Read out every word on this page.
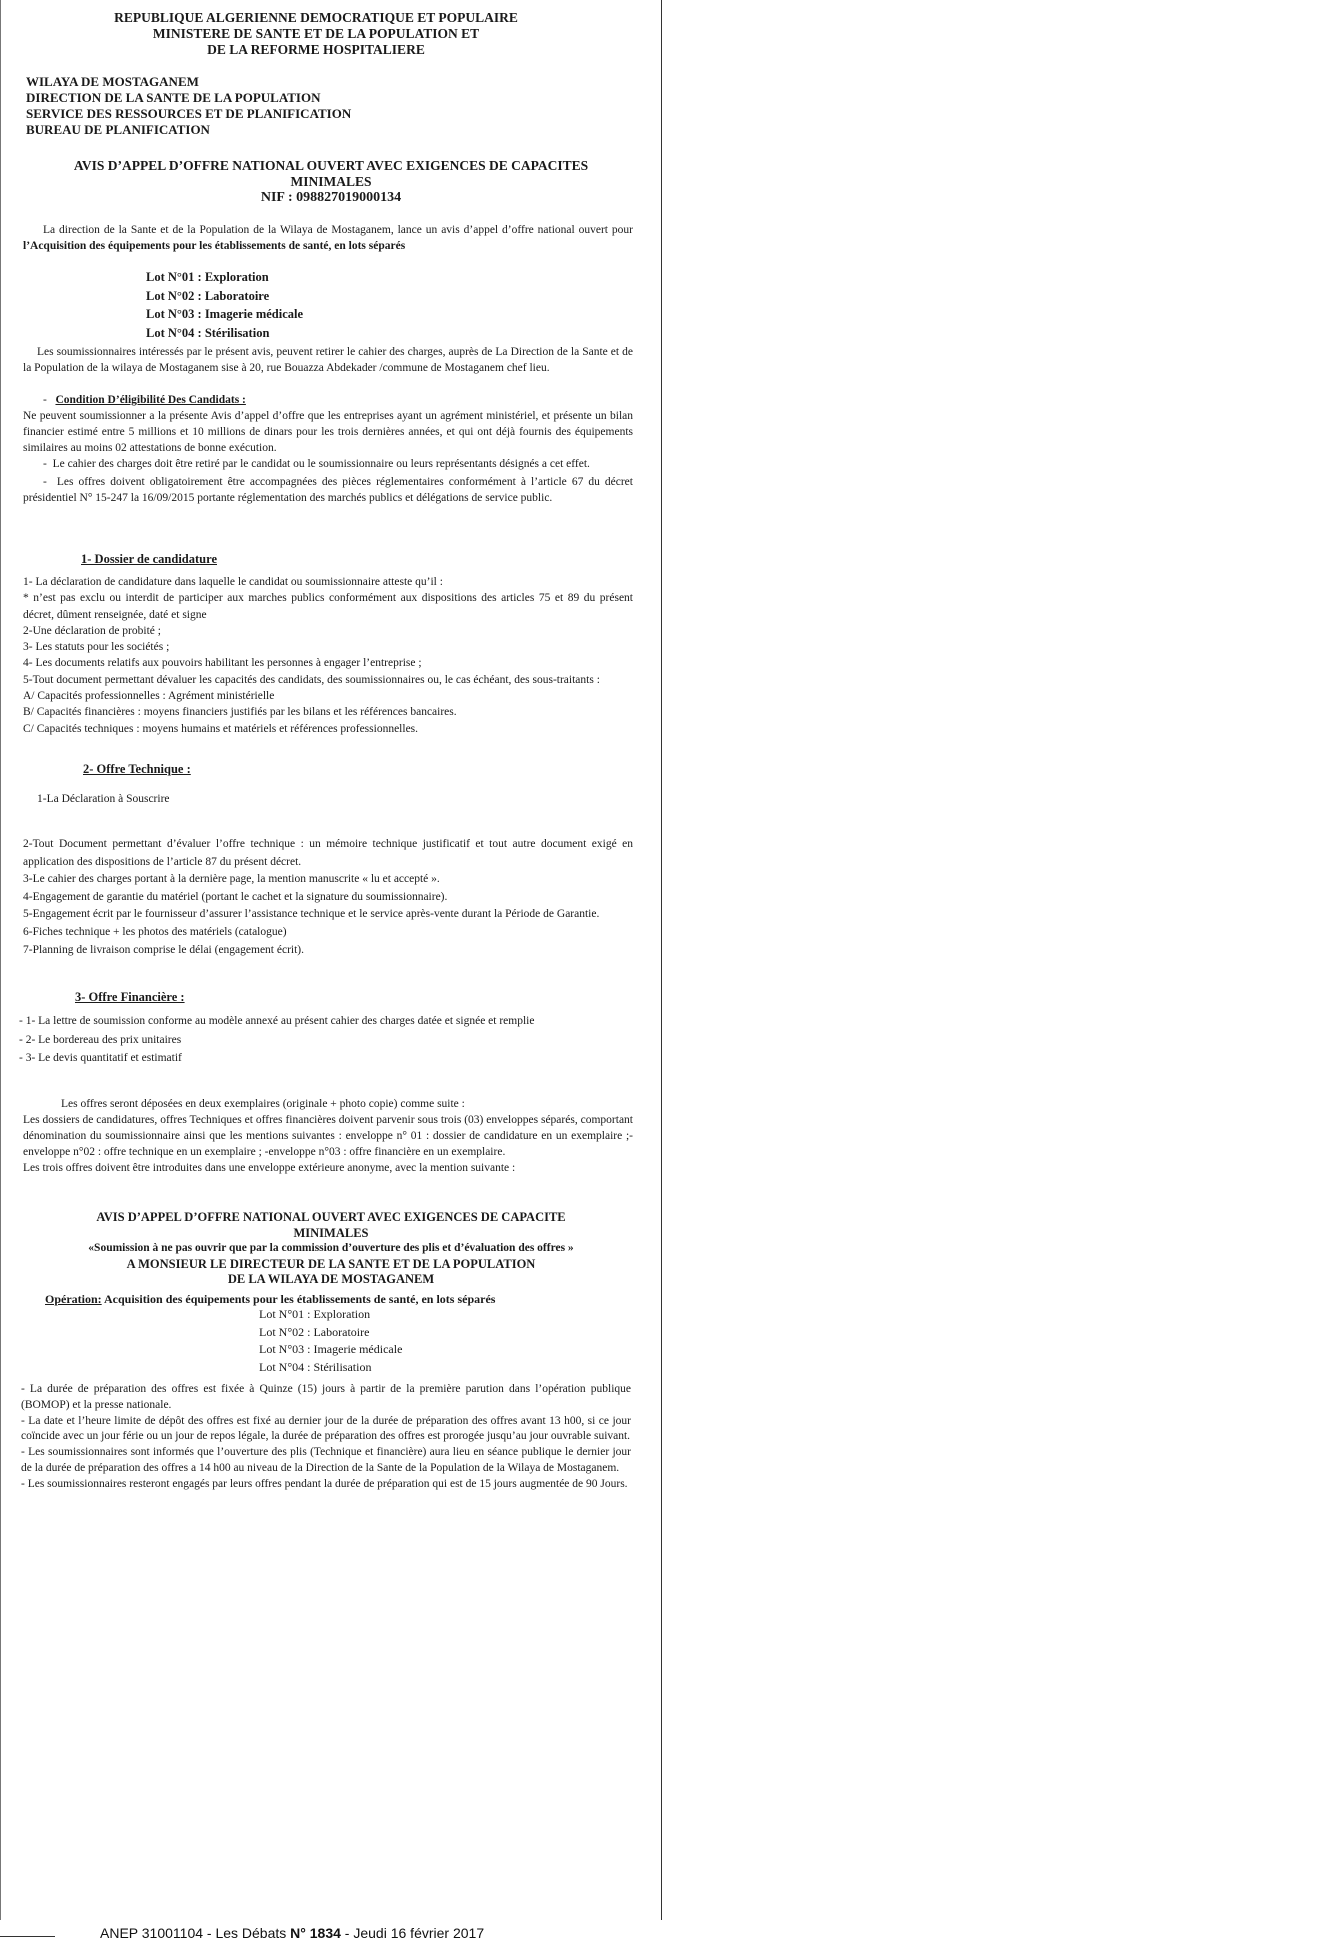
REPUBLIQUE ALGERIENNE DEMOCRATIQUE ET POPULAIRE
MINISTERE DE SANTE ET DE LA POPULATION ET
DE LA REFORME HOSPITALIERE
WILAYA DE MOSTAGANEM
DIRECTION DE LA SANTE DE LA POPULATION
SERVICE DES RESSOURCES ET DE PLANIFICATION
BUREAU DE PLANIFICATION
AVIS D’APPEL D’OFFRE NATIONAL OUVERT AVEC EXIGENCES DE CAPACITES
MINIMALES
NIF : 098827019000134

La direction de la Sante et de la Population de la Wilaya de Mostaganem, lance un avis d’appel d’offre national ouvert pour l’Acquisition des équipements pour les établissements de santé, en lots séparés

Lot N°01 : Exploration
Lot N°02 : Laboratoire
Lot N°03 : Imagerie médicale
Lot N°04 : Stérilisation

Les soumissionnaires intéressés par le présent avis, peuvent retirer le cahier des charges, auprès de La Direction de la Sante et de la Population de la wilaya de Mostaganem sise à 20, rue Bouazza Abdekader /commune de Mostaganem chef lieu.

-   Condition D’éligibilité Des Candidats :
Ne peuvent soumissionner a la présente Avis d’appel d’offre que les entreprises ayant un agrément ministériel, et présente un bilan financier estimé entre 5 millions et 10 millions de dinars pour les trois dernières années, et qui ont déjà fournis des équipements similaires au moins 02 attestations de bonne exécution.
-  Le cahier des charges doit être retiré par le candidat ou le soumissionnaire ou leurs représentants désignés a cet effet.
-  Les offres doivent obligatoirement être accompagnées des pièces réglementaires conformément à l’article 67 du décret présidentiel N° 15-247 la 16/09/2015 portante réglementation des marchés publics et délégations de service public.
1- Dossier de candidature
1- La déclaration de candidature dans laquelle le candidat ou soumissionnaire atteste qu’il :
* n’est pas exclu ou interdit de participer aux marches publics conformément aux dispositions des articles 75 et 89 du présent décret, dûment renseignée, daté et signe
2-Une déclaration de probité ;
3- Les statuts pour les sociétés ;
4- Les documents relatifs aux pouvoirs habilitant les personnes à engager l’entreprise ;
5-Tout document permettant dévaluer les capacités des candidats, des soumissionnaires ou, le cas échéant, des sous-traitants :
A/ Capacités professionnelles : Agrément ministérielle
B/ Capacités financières : moyens financiers justifiés par les bilans et les références bancaires.
C/ Capacités techniques : moyens humains et matériels et références professionnelles.
2- Offre Technique :
1-La Déclaration à Souscrire
2-Tout Document permettant d’évaluer l’offre technique : un mémoire technique justificatif et tout autre document exigé en application des dispositions de l’article 87 du présent décret.
3-Le cahier des charges portant à la dernière page, la mention manuscrite « lu et accepté ».
4-Engagement de garantie du matériel (portant le cachet et la signature du soumissionnaire).
5-Engagement écrit par le fournisseur d’assurer l’assistance technique et le service après-vente durant la Période de Garantie.
6-Fiches technique + les photos des matériels (catalogue)
7-Planning de livraison comprise le délai (engagement écrit).
3- Offre Financière :
- 1- La lettre de soumission conforme au modèle annexé au présent cahier des charges datée et signée et remplie
- 2- Le bordereau des prix unitaires
- 3- Le devis quantitatif et estimatif
Les offres seront déposées en deux exemplaires (originale + photo copie) comme suite :
Les dossiers de candidatures, offres Techniques et offres financières doivent parvenir sous trois (03) enveloppes séparés, comportant dénomination du soumissionnaire ainsi que les mentions suivantes : enveloppe n° 01 : dossier de candidature en un exemplaire ;- enveloppe n°02 : offre technique en un exemplaire ; -enveloppe n°03 : offre financière en un exemplaire.
Les trois offres doivent être introduites dans une enveloppe extérieure anonyme, avec la mention suivante :
AVIS D’APPEL D’OFFRE NATIONAL OUVERT AVEC EXIGENCES DE CAPACITE
MINIMALES
«Soumission à ne pas ouvrir que par la commission d’ouverture des plis et d’évaluation des offres »
A MONSIEUR LE DIRECTEUR DE LA SANTE ET DE LA POPULATION
DE LA WILAYA DE MOSTAGANEM
Opération: Acquisition des équipements pour les établissements de santé, en lots séparés
Lot N°01 : Exploration
Lot N°02 : Laboratoire
Lot N°03 : Imagerie médicale
Lot N°04 : Stérilisation
- La durée de préparation des offres est fixée à Quinze (15) jours à partir de la première parution dans l’opération publique (BOMOP) et la presse nationale.
- La date et l’heure limite de dépôt des offres est fixé au dernier jour de la durée de préparation des offres avant 13 h00, si ce jour coïncide avec un jour férie ou un jour de repos légale, la durée de préparation des offres est prorogée jusqu’au jour ouvrable suivant.
- Les soumissionnaires sont informés que l’ouverture des plis (Technique et financière) aura lieu en séance publique le dernier jour de la durée de préparation des offres a 14 h00 au niveau de la Direction de la Sante de la Population de la Wilaya de Mostaganem.
- Les soumissionnaires resteront engagés par leurs offres pendant la durée de préparation qui est de 15 jours augmentée de 90 Jours.
ANEP 31001104 - Les Débats N° 1834 - Jeudi 16 février 2017
